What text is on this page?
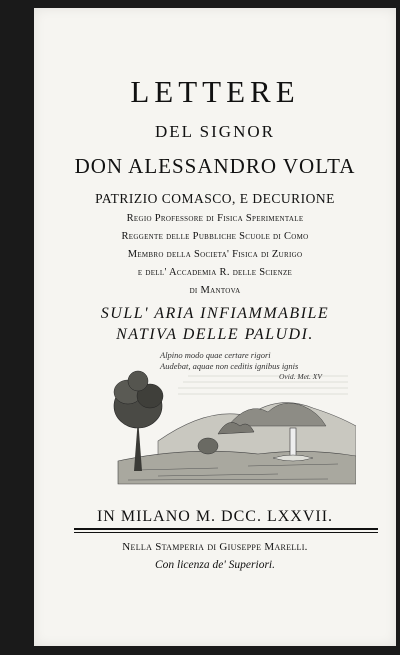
LETTERE
DEL SIGNOR
DON ALESSANDRO VOLTA
PATRIZIO COMASCO, E DECURIONE
Regio Professore di Fisica Sperimentale
Reggente delle Pubbliche Scuole di Como
Membro della Societa' Fisica di Zurigo
e dell' Accademia R. delle Scienze
di Mantova
SULL' ARIA INFIAMMABILE
NATIVA DELLE PALUDI.
Alpino modo quae certare rigori
Audebat, aquae non ceditis ignibus ignis
Ovid. Met. XV
IN MILANO M. DCC. LXXVII.
Nella Stamperia di Giuseppe Marelli.
Con licenza de' Superiori.
